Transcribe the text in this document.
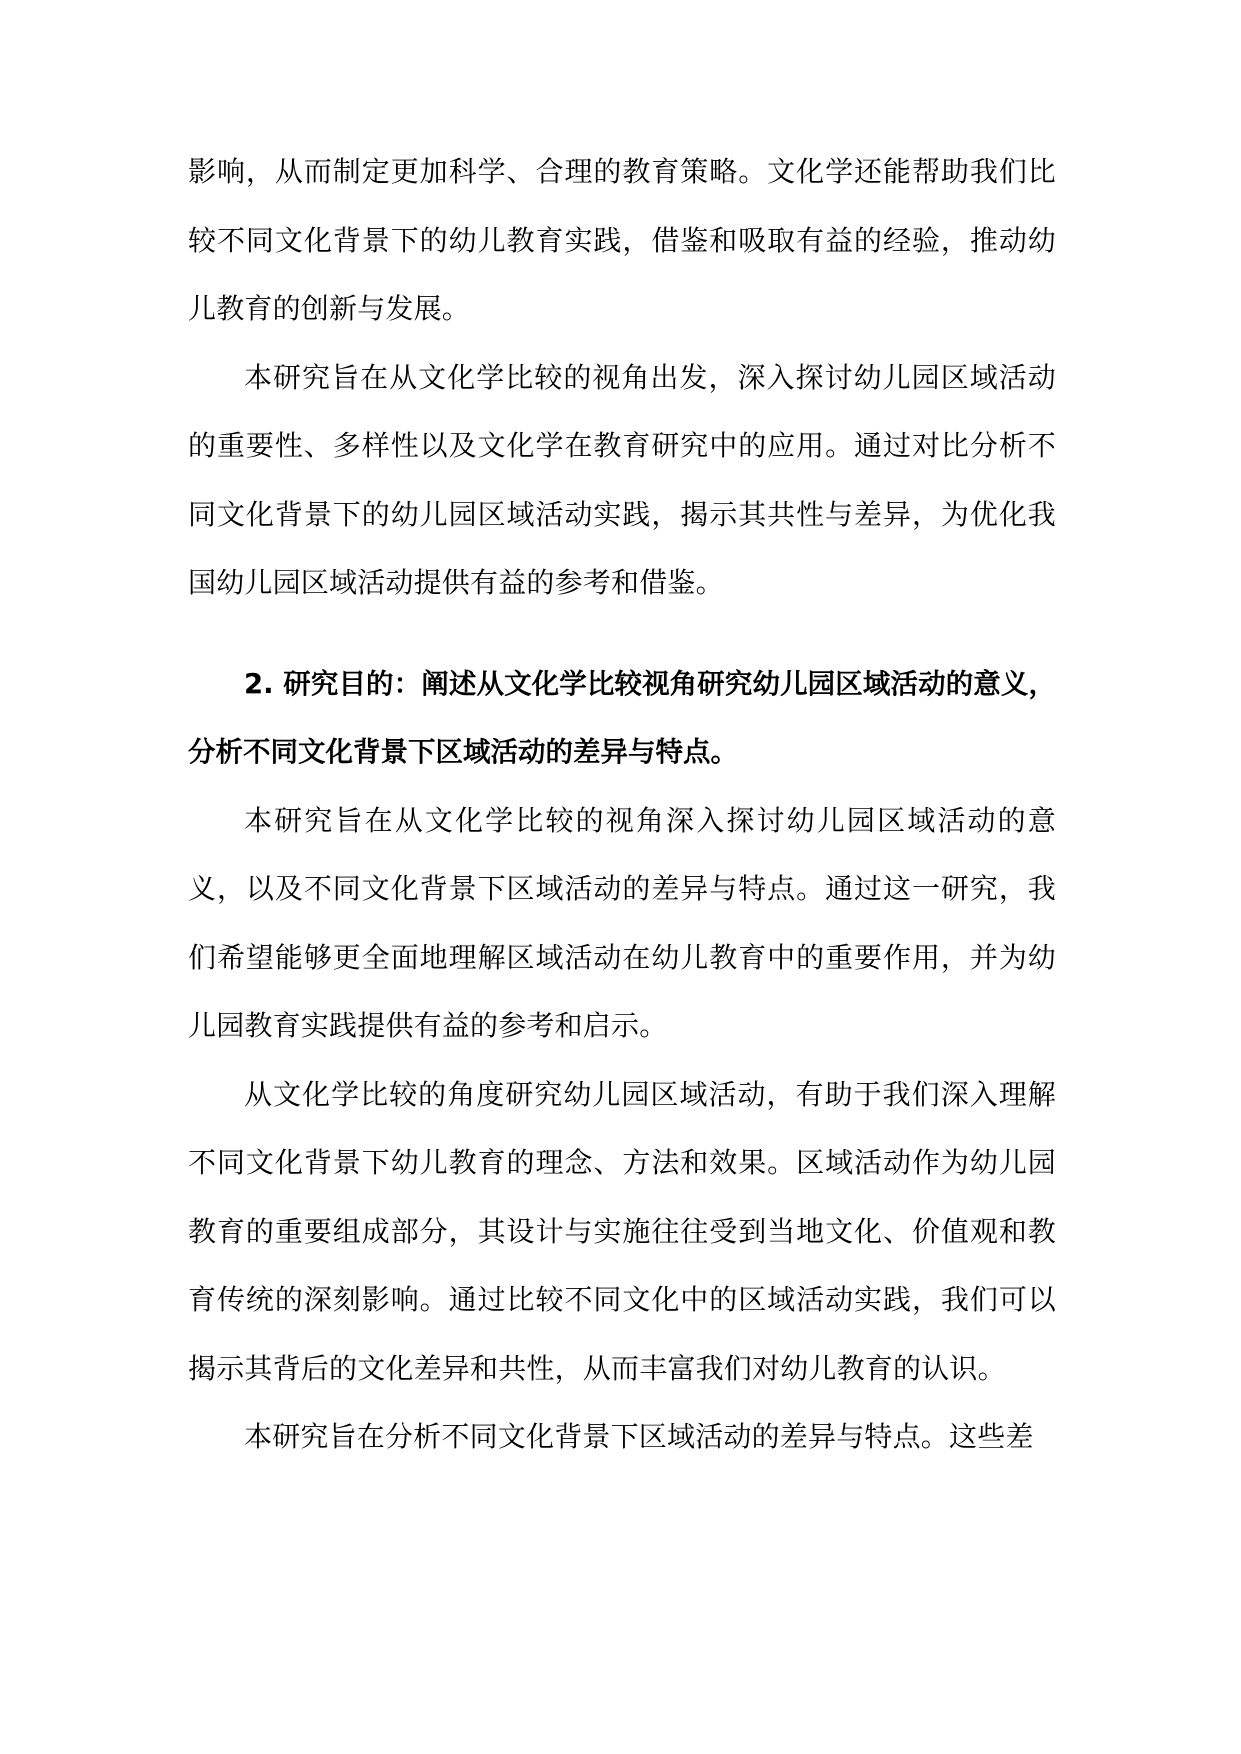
影响，从而制定更加科学、合理的教育策略。文化学还能帮助我们比较不同文化背景下的幼儿教育实践，借鉴和吸取有益的经验，推动幼儿教育的创新与发展。

本研究旨在从文化学比较的视角出发，深入探讨幼儿园区域活动的重要性、多样性以及文化学在教育研究中的应用。通过对比分析不同文化背景下的幼儿园区域活动实践，揭示其共性与差异，为优化我国幼儿园区域活动提供有益的参考和借鉴。

2. 研究目的：阐述从文化学比较视角研究幼儿园区域活动的意义，分析不同文化背景下区域活动的差异与特点。

本研究旨在从文化学比较的视角深入探讨幼儿园区域活动的意义，以及不同文化背景下区域活动的差异与特点。通过这一研究，我们希望能够更全面地理解区域活动在幼儿教育中的重要作用，并为幼儿园教育实践提供有益的参考和启示。

从文化学比较的角度研究幼儿园区域活动，有助于我们深入理解不同文化背景下幼儿教育的理念、方法和效果。区域活动作为幼儿园教育的重要组成部分，其设计与实施往往受到当地文化、价值观和教育传统的深刻影响。通过比较不同文化中的区域活动实践，我们可以揭示其背后的文化差异和共性，从而丰富我们对幼儿教育的认识。

本研究旨在分析不同文化背景下区域活动的差异与特点。这些差
